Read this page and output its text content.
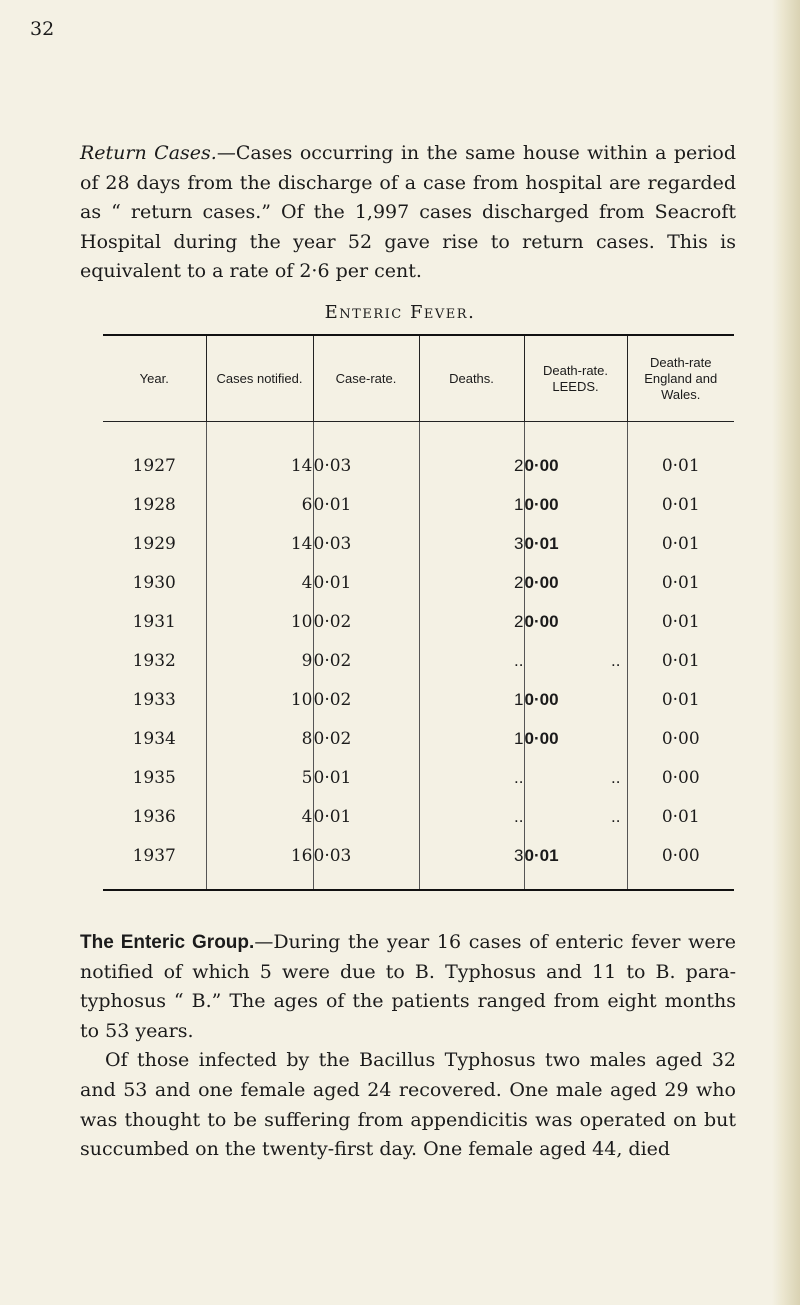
32

Return Cases.—Cases occurring in the same house within a period of 28 days from the discharge of a case from hospital are regarded as “ return cases.” Of the 1,997 cases discharged from Seacroft Hospital during the year 52 gave rise to return cases. This is equivalent to a rate of 2·6 per cent.

Enteric Fever.
Year.	Cases notified.	Case-rate.	Deaths.	Death-rate. LEEDS.	Death-rate England and Wales.

1927	14	0·03	2	0·00	0·01
1928	6	0·01	1	0·00	0·01
1929	14	0·03	3	0·01	0·01
1930	4	0·01	2	0·00	0·01
1931	10	0·02	2	0·00	0·01
1932	9	0·02	..	..	0·01
1933	10	0·02	1	0·00	0·01
1934	8	0·02	1	0·00	0·00
1935	5	0·01	..	..	0·00
1936	4	0·01	..	..	0·01
1937	16	0·03	3	0·01	0·00

The Enteric Group.—During the year 16 cases of enteric fever were notified of which 5 were due to B. Typhosus and 11 to B. para-typhosus “ B.” The ages of the patients ranged from eight months to 53 years.

Of those infected by the Bacillus Typhosus two males aged 32 and 53 and one female aged 24 recovered. One male aged 29 who was thought to be suffering from appendicitis was operated on but succumbed on the twenty-first day. One female aged 44, died
